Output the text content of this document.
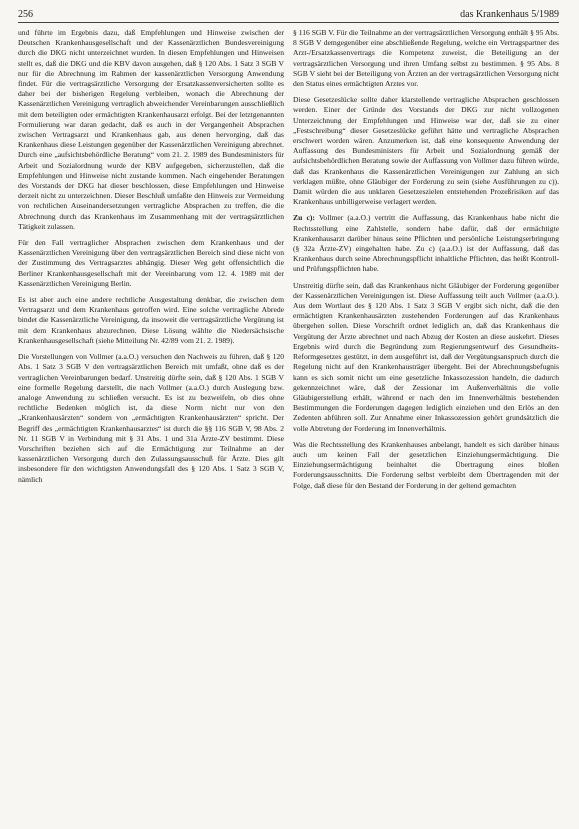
256	das Krankenhaus 5/1989

und führte im Ergebnis dazu, daß Empfehlungen und Hinweise zwischen der Deutschen Krankenhausgesellschaft und der Kassenärztlichen Bundesvereinigung durch die DKG nicht unterzeichnet wurden. In diesen Empfehlungen und Hinweisen stellt es, daß die DKG und die KBV davon ausgehen, daß § 120 Abs. 1 Satz 3 SGB V nur für die Abrechnung im Rahmen der kassenärztlichen Versorgung Anwendung findet. Für die vertragsärztliche Versorgung der Ersatzkassenversicherten sollte es daher bei der bisherigen Regelung verbleiben, wonach die Abrechnung der Kassenärztlichen Vereinigung vertraglich abweichender Vereinbarungen ausschließlich mit dem beteiligten oder ermächtigten Krankenhausarzt erfolgt. Bei der letztgenannten Formulierung war daran gedacht, daß es auch in der Vergangenheit Absprachen zwischen Vertragsarzt und Krankenhaus gab, aus denen hervorging, daß das Krankenhaus diese Leistungen gegenüber der Kassenärztlichen Vereinigung abrechnet. Durch eine „aufsichtsbehördliche Beratung“ vom 21. 2. 1989 des Bundesministers für Arbeit und Sozialordnung wurde der KBV aufgegeben, sicherzustellen, daß die Empfehlungen und Hinweise nicht zustande kommen. Nach eingehender Beratungen des Vorstands der DKG hat dieser beschlossen, diese Empfehlungen und Hinweise derzeit nicht zu unterzeichnen. Dieser Beschluß umfaßte den Hinweis zur Vermeidung von rechtlichen Auseinandersetzungen vertragliche Absprachen zu treffen, die die Abrechnung durch das Krankenhaus im Zusammenhang mit der vertragsärztlichen Tätigkeit zulassen.

Für den Fall vertraglicher Absprachen zwischen dem Krankenhaus und der Kassenärztlichen Vereinigung über den vertragsärztlichen Bereich sind diese nicht von der Zustimmung des Vertragsarztes abhängig. Dieser Weg geht offensichtlich die Berliner Krankenhausgesellschaft mit der Vereinbarung vom 12. 4. 1989 mit der Kassenärztlichen Vereinigung Berlin.

Es ist aber auch eine andere rechtliche Ausgestaltung denkbar, die zwischen dem Vertragsarzt und dem Krankenhaus getroffen wird. Eine solche vertragliche Abrede bindet die Kassenärztliche Vereinigung, da insoweit die vertragsärztliche Vergütung ist mit dem Krankenhaus abzurechnen. Diese Lösung wählte die Niedersächsische Krankenhausgesellschaft (siehe Mitteilung Nr. 42/89 vom 21. 2. 1989).

Die Vorstellungen von Vollmer (a.a.O.) versuchen den Nachweis zu führen, daß § 120 Abs. 1 Satz 3 SGB V den vertragsärztlichen Bereich mit umfaßt, ohne daß es der vertraglichen Vereinbarungen bedarf. Unstreitig dürfte sein, daß § 120 Abs. 1 SGB V eine formelle Regelung darstellt, die nach Vollmer (a.a.O.) durch Auslegung bzw. analoge Anwendung zu schließen versucht. Es ist zu bezweifeln, ob dies ohne rechtliche Bedenken möglich ist, da diese Norm nicht nur von den „Krankenhausärzten“ sondern von „ermächtigten Krankenhausärzten“ spricht. Der Begriff des „ermächtigten Krankenhausarztes“ ist durch die §§ 116 SGB V, 98 Abs. 2 Nr. 11 SGB V in Verbindung mit § 31 Abs. 1 und 31a Ärzte-ZV bestimmt. Diese Vorschriften beziehen sich auf die Ermächtigung zur Teilnahme an der kassenärztlichen Versorgung durch den Zulassungsausschuß für Ärzte. Dies gilt insbesondere für den wichtigsten Anwendungsfall des § 120 Abs. 1 Satz 3 SGB V, nämlich

§ 116 SGB V. Für die Teilnahme an der vertragsärztlichen Versorgung enthält § 95 Abs. 8 SGB V demgegenüber eine abschließende Regelung, welche ein Vertragspartner des Arzt-/Ersatzkassenvertrags die Kompetenz zuweist, die Beteiligung an der vertragsärztlichen Versorgung und ihren Umfang selbst zu bestimmen. § 95 Abs. 8 SGB V sieht bei der Beteiligung von Ärzten an der vertragsärztlichen Versorgung nicht den Status eines ermächtigten Arztes vor.

Diese Gesetzeslücke sollte daher klarstellende vertragliche Absprachen geschlossen werden. Einer der Gründe des Vorstands der DKG zur nicht vollzogenen Unterzeichnung der Empfehlungen und Hinweise war der, daß sie zu einer „Festschreibung“ dieser Gesetzeslücke geführt hätte und vertragliche Absprachen erschwert worden wären. Anzumerken ist, daß eine konsequente Anwendung der Auffassung des Bundesministers für Arbeit und Sozialordnung gemäß der aufsichtsbehördlichen Beratung sowie der Auffassung von Vollmer dazu führen würde, daß das Krankenhaus die Kassenärztlichen Vereinigungen zur Zahlung an sich verklagen müßte, ohne Gläubiger der Forderung zu sein (siehe Ausführungen zu c)). Damit würden die aus unklaren Gesetzeszielen entstehenden Prozeßrisiken auf das Krankenhaus unbilligerweise verlagert werden.

Zu c): Vollmer (a.a.O.) vertritt die Auffassung, das Krankenhaus habe nicht die Rechtsstellung eine Zahlstelle, sondern habe dafür, daß der ermächtigte Krankenhausarzt darüber hinaus seine Pflichten und persönliche Leistungserbringung (§ 32a Ärzte-ZV) eingehalten habe. Zu c) (a.a.O.) ist der Auffassung, daß das Krankenhaus durch seine Abrechnungspflicht inhaltliche Pflichten, das heißt Kontroll- und Prüfungspflichten habe.

Unstreitig dürfte sein, daß das Krankenhaus nicht Gläubiger der Forderung gegenüber der Kassenärztlichen Vereinigungen ist. Diese Auffassung teilt auch Vollmer (a.a.O.). Aus dem Wortlaut des § 120 Abs. 1 Satz 3 SGB V ergibt sich nicht, daß die den ermächtigten Krankenhausärzten zustehenden Forderungen auf das Krankenhaus übergehen sollen. Diese Vorschrift ordnet lediglich an, daß das Krankenhaus die Vergütung der Ärzte abrechnet und nach Abzug der Kosten an diese auskehrt. Dieses Ergebnis wird durch die Begründung zum Regierungsentwurf des Gesundheits-Reformgesetzes gestützt, in dem ausgeführt ist, daß der Vergütungsanspruch durch die Regelung nicht auf den Krankenhausträger übergeht. Bei der Abrechnungsbefugnis kann es sich somit nicht um eine gesetzliche Inkassozession handeln, die dadurch gekennzeichnet wäre, daß der Zessionar im Außenverhältnis die volle Gläubigerstellung erhält, während er nach den im Innenverhältnis bestehenden Bestimmungen die Forderungen dagegen lediglich einziehen und den Erlös an den Zedenten abführen soll. Zur Annahme einer Inkassozession gehört grundsätzlich die volle Abtretung der Forderung im Innenverhältnis.

Was die Rechtsstellung des Krankenhauses anbelangt, handelt es sich darüber hinaus auch um keinen Fall der gesetzlichen Einziehungsermächtigung. Die Einziehungsermächtigung beinhaltet die Übertragung eines bloßen Forderungsausschnitts. Die Forderung selbst verbleibt dem Übertragenden mit der Folge, daß diese für den Bestand der Forderung in der geltend gemachten
